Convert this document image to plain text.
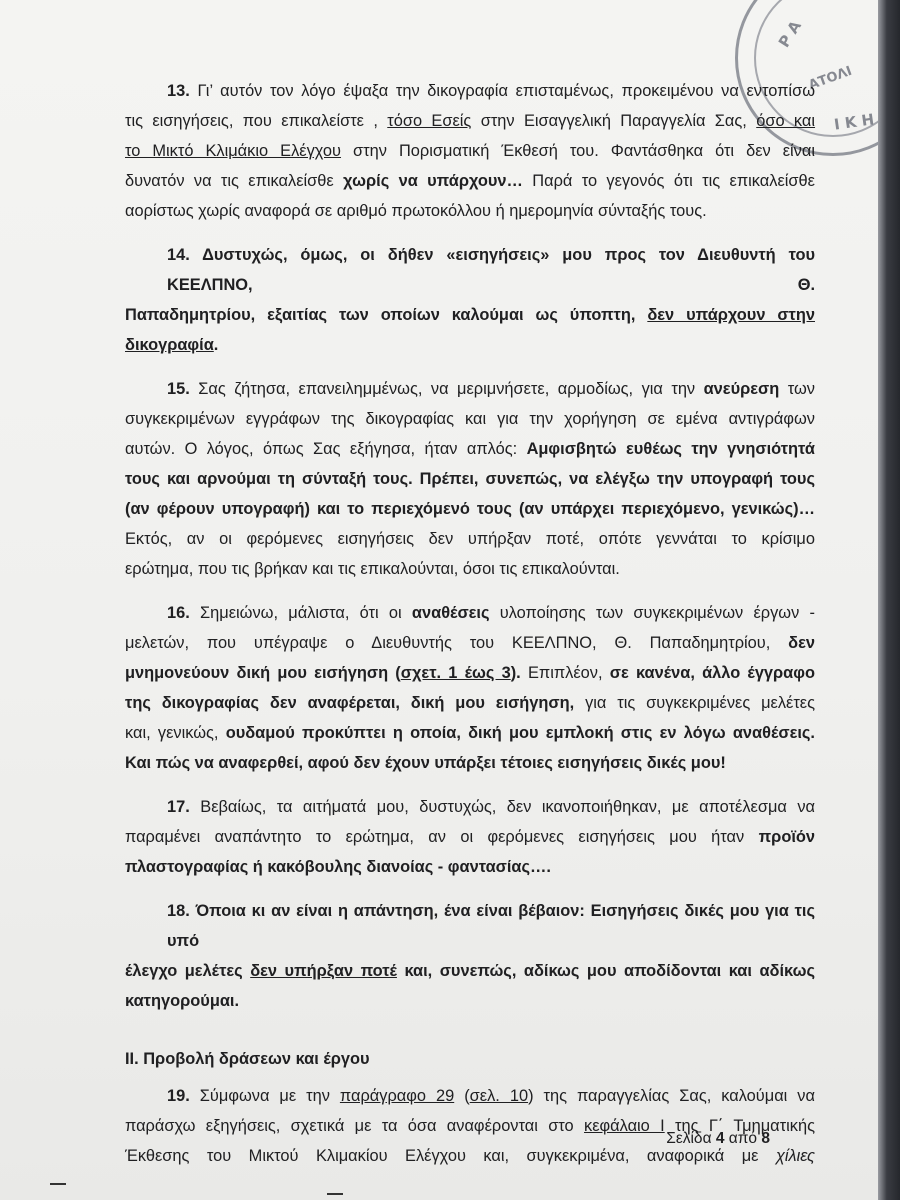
Ρ Α
ΑΤΟΛΙ
Ι Κ Η
13. Γι’ αυτόν τον λόγο έψαξα την δικογραφία επισταμένως, προκειμένου να εντοπίσω
τις εισηγήσεις, που επικαλείστε , τόσο Εσείς στην Εισαγγελική Παραγγελία Σας, όσο και
το Μικτό Κλιμάκιο Ελέγχου στην Πορισματική Έκθεσή του. Φαντάσθηκα ότι δεν είναι
δυνατόν να τις επικαλείσθε χωρίς να υπάρχουν… Παρά το γεγονός ότι τις επικαλείσθε
αορίστως χωρίς αναφορά σε αριθμό πρωτοκόλλου ή ημερομηνία σύνταξής τους.
14. Δυστυχώς, όμως, οι δήθεν «εισηγήσεις» μου προς τον Διευθυντή του ΚΕΕΛΠΝΟ, Θ.
Παπαδημητρίου, εξαιτίας των οποίων καλούμαι ως ύποπτη, δεν υπάρχουν στην
δικογραφία.
15. Σας ζήτησα, επανειλημμένως, να μεριμνήσετε, αρμοδίως, για την ανεύρεση των
συγκεκριμένων εγγράφων της δικογραφίας και για την χορήγηση σε εμένα αντιγράφων
αυτών. Ο λόγος, όπως Σας εξήγησα, ήταν απλός: Αμφισβητώ ευθέως την γνησιότητά
τους και αρνούμαι τη σύνταξή τους. Πρέπει, συνεπώς, να ελέγξω την υπογραφή τους
(αν φέρουν υπογραφή) και το περιεχόμενό τους (αν υπάρχει περιεχόμενο, γενικώς)…
Εκτός, αν οι φερόμενες εισηγήσεις δεν υπήρξαν ποτέ, οπότε γεννάται το κρίσιμο
ερώτημα, που τις βρήκαν και τις επικαλούνται, όσοι τις επικαλούνται.
16. Σημειώνω, μάλιστα, ότι οι αναθέσεις υλοποίησης των συγκεκριμένων έργων -
μελετών, που υπέγραψε ο Διευθυντής του ΚΕΕΛΠΝΟ, Θ. Παπαδημητρίου, δεν
μνημονεύουν δική μου εισήγηση (σχετ. 1 έως 3). Επιπλέον, σε κανένα, άλλο έγγραφο
της δικογραφίας δεν αναφέρεται, δική μου εισήγηση, για τις συγκεκριμένες μελέτες
και, γενικώς, ουδαμού προκύπτει η οποία, δική μου εμπλοκή στις εν λόγω αναθέσεις.
Και πώς να αναφερθεί, αφού δεν έχουν υπάρξει τέτοιες εισηγήσεις δικές μου!
17. Βεβαίως, τα αιτήματά μου, δυστυχώς, δεν ικανοποιήθηκαν, με αποτέλεσμα να
παραμένει αναπάντητο το ερώτημα, αν οι φερόμενες εισηγήσεις μου ήταν προϊόν
πλαστογραφίας ή κακόβουλης διανοίας - φαντασίας….
18. Όποια κι αν είναι η απάντηση, ένα είναι βέβαιον: Εισηγήσεις δικές μου για τις υπό
έλεγχο μελέτες δεν υπήρξαν ποτέ και, συνεπώς, αδίκως μου αποδίδονται και αδίκως
κατηγορούμαι.
ΙΙ. Προβολή δράσεων και έργου
19. Σύμφωνα με την παράγραφο 29 (σελ. 10) της παραγγελίας Σας, καλούμαι να
παράσχω εξηγήσεις, σχετικά με τα όσα αναφέρονται στο κεφάλαιο Ι της Γ΄ Τμηματικής
Έκθεσης του Μικτού Κλιμακίου Ελέγχου και, συγκεκριμένα, αναφορικά με χίλιες
Σελίδα 4 από 8
